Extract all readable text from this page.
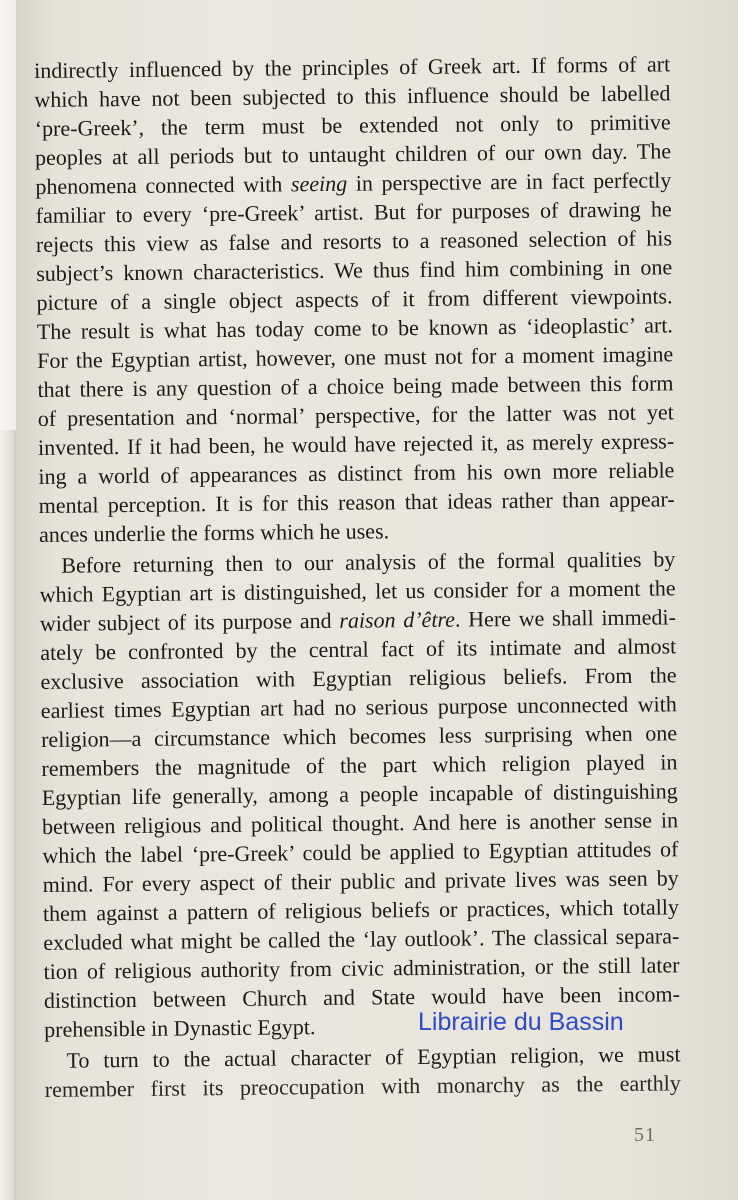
indirectly influenced by the principles of Greek art. If forms of art
which have not been subjected to this influence should be labelled
‘pre-Greek’, the term must be extended not only to primitive
peoples at all periods but to untaught children of our own day. The
phenomena connected with seeing in perspective are in fact perfectly
familiar to every ‘pre-Greek’ artist. But for purposes of drawing he
rejects this view as false and resorts to a reasoned selection of his
subject’s known characteristics. We thus find him combining in one
picture of a single object aspects of it from different viewpoints.
The result is what has today come to be known as ‘ideoplastic’ art.
For the Egyptian artist, however, one must not for a moment imagine
that there is any question of a choice being made between this form
of presentation and ‘normal’ perspective, for the latter was not yet
invented. If it had been, he would have rejected it, as merely express-
ing a world of appearances as distinct from his own more reliable
mental perception. It is for this reason that ideas rather than appear-
ances underlie the forms which he uses.
Before returning then to our analysis of the formal qualities by
which Egyptian art is distinguished, let us consider for a moment the
wider subject of its purpose and raison d’être. Here we shall immedi-
ately be confronted by the central fact of its intimate and almost
exclusive association with Egyptian religious beliefs. From the
earliest times Egyptian art had no serious purpose unconnected with
religion—a circumstance which becomes less surprising when one
remembers the magnitude of the part which religion played in
Egyptian life generally, among a people incapable of distinguishing
between religious and political thought. And here is another sense in
which the label ‘pre-Greek’ could be applied to Egyptian attitudes of
mind. For every aspect of their public and private lives was seen by
them against a pattern of religious beliefs or practices, which totally
excluded what might be called the ‘lay outlook’. The classical separa-
tion of religious authority from civic administration, or the still later
distinction between Church and State would have been incom-
prehensible in Dynastic Egypt.
To turn to the actual character of Egyptian religion, we must
remember first its preoccupation with monarchy as the earthly
51
Librairie du Bassin
